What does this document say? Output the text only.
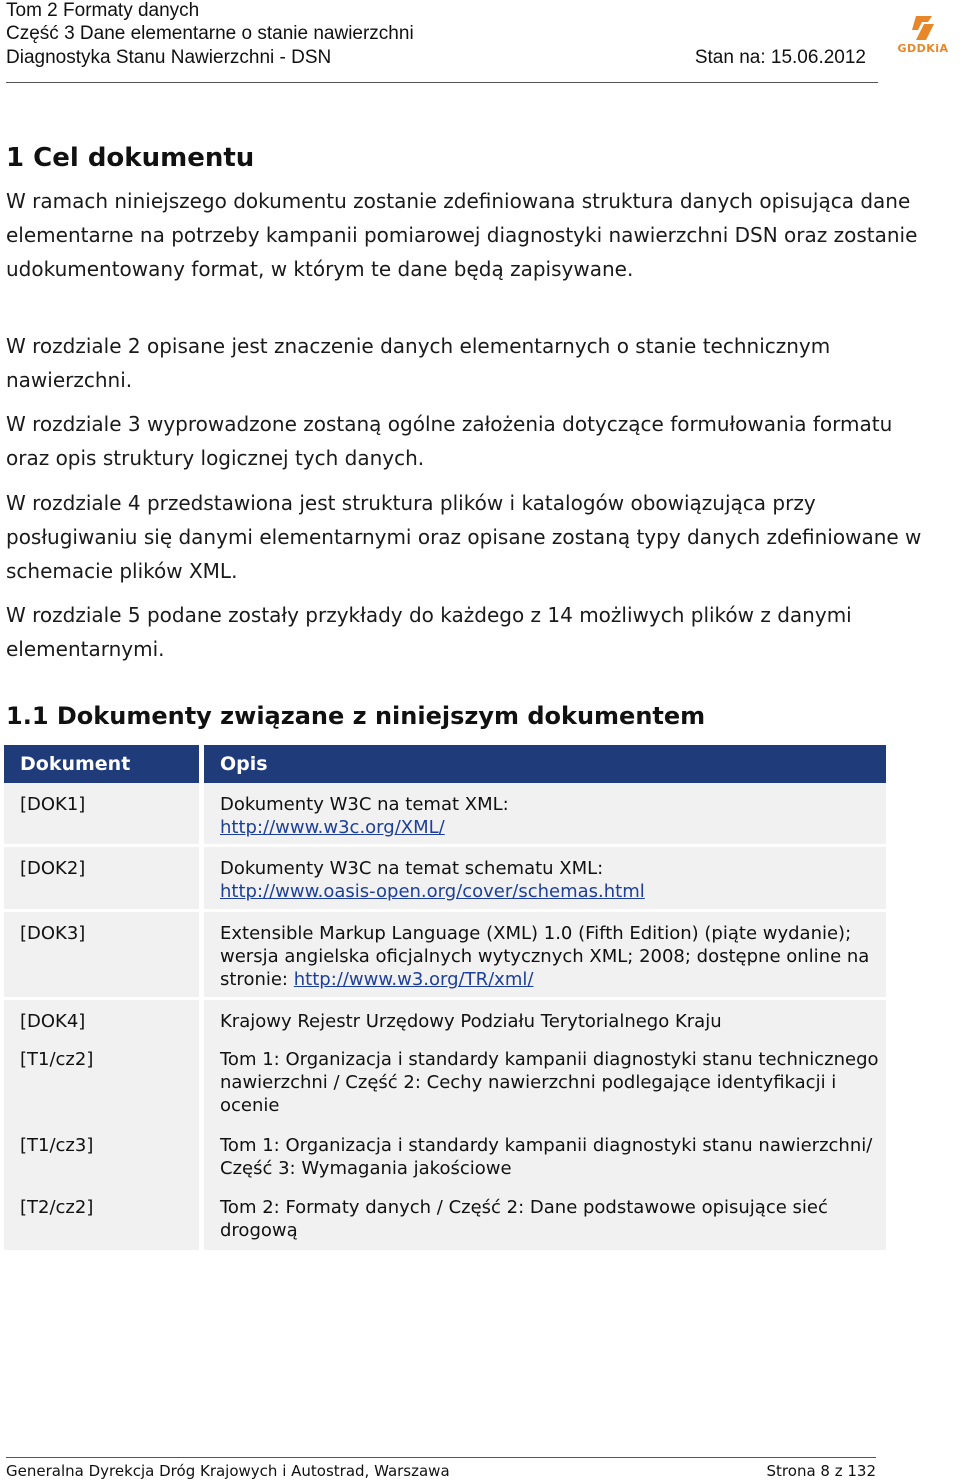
Tom 2 Formaty danych
Część 3 Dane elementarne o stanie nawierzchni
Diagnostyka Stanu Nawierzchni - DSN	Stan na: 15.06.2012	GDDKiA
1 Cel dokumentu

W ramach niniejszego dokumentu zostanie zdefiniowana struktura danych opisująca dane elementarne na potrzeby kampanii pomiarowej diagnostyki nawierzchni DSN oraz zostanie udokumentowany format, w którym te dane będą zapisywane.

W rozdziale 2 opisane jest znaczenie danych elementarnych o stanie technicznym nawierzchni.

W rozdziale 3 wyprowadzone zostaną ogólne założenia dotyczące formułowania formatu oraz opis struktury logicznej tych danych.

W rozdziale 4 przedstawiona jest struktura plików i katalogów obowiązująca przy posługiwaniu się danymi elementarnymi oraz opisane zostaną typy danych zdefiniowane w schemacie plików XML.

W rozdziale 5 podane zostały przykłady do każdego z 14 możliwych plików z danymi elementarnymi.

1.1 Dokumenty związane z niniejszym dokumentem
Dokument	Opis
[DOK1]	Dokumenty W3C na temat XML:
http://www.w3c.org/XML/
[DOK2]	Dokumenty W3C na temat schematu XML:
http://www.oasis-open.org/cover/schemas.html
[DOK3]	Extensible Markup Language (XML) 1.0 (Fifth Edition) (piąte wydanie); wersja angielska oficjalnych wytycznych XML; 2008; dostępne online na stronie: http://www.w3.org/TR/xml/
[DOK4]	Krajowy Rejestr Urzędowy Podziału Terytorialnego Kraju
[T1/cz2]	Tom 1: Organizacja i standardy kampanii diagnostyki stanu technicznego nawierzchni / Część 2: Cechy nawierzchni podlegające identyfikacji i ocenie
[T1/cz3]	Tom 1: Organizacja i standardy kampanii diagnostyki stanu nawierzchni/ Część 3: Wymagania jakościowe
[T2/cz2]	Tom 2: Formaty danych / Część 2: Dane podstawowe opisujące sieć drogową
Generalna Dyrekcja Dróg Krajowych i Autostrad, Warszawa	Strona 8 z 132
